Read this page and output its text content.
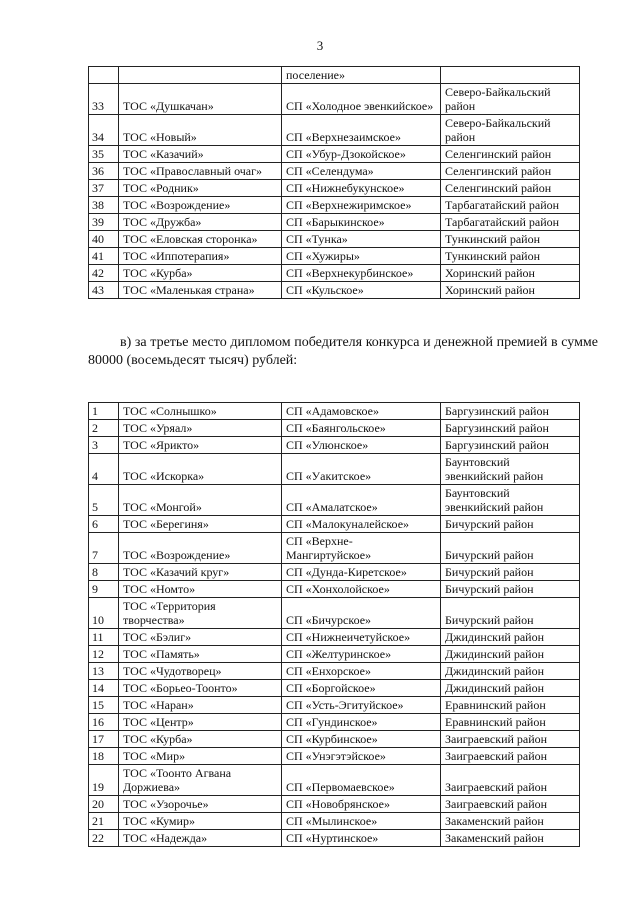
3
		поселение»	
33	ТОС «Душкачан»	СП «Холодное эвенкийское»	Северо-Байкальский район
34	ТОС «Новый»	СП «Верхнезаимское»	Северо-Байкальский район
35	ТОС «Казачий»	СП «Убур-Дзокойское»	Селенгинский район
36	ТОС «Православный очаг»	СП «Селендума»	Селенгинский район
37	ТОС «Родник»	СП «Нижнебукунское»	Селенгинский район
38	ТОС «Возрождение»	СП «Верхнежиримское»	Тарбагатайский район
39	ТОС «Дружба»	СП «Барыкинское»	Тарбагатайский район
40	ТОС «Еловская сторонка»	СП «Тунка»	Тункинский район
41	ТОС «Иппотерапия»	СП «Хужиры»	Тункинский район
42	ТОС «Курба»	СП «Верхнекурбинское»	Хоринский район
43	ТОС «Маленькая страна»	СП «Кульское»	Хоринский район
в) за третье место дипломом победителя конкурса и денежной премией в сумме 80000 (восемьдесят тысяч) рублей:
1	ТОС «Солнышко»	СП «Адамовское»	Баргузинский район
2	ТОС «Уряал»	СП «Баянгольское»	Баргузинский район
3	ТОС «Ярикто»	СП «Улюнское»	Баргузинский район
4	ТОС «Искорка»	СП «Уакитское»	Баунтовский эвенкийский район
5	ТОС «Монгой»	СП «Амалатское»	Баунтовский эвенкийский район
6	ТОС «Берегиня»	СП «Малокуналейское»	Бичурский район
7	ТОС «Возрождение»	СП «Верхне-Мангиртуйское»	Бичурский район
8	ТОС «Казачий круг»	СП «Дунда-Киретское»	Бичурский район
9	ТОС «Номто»	СП «Хонхолойское»	Бичурский район
10	ТОС «Территория творчества»	СП «Бичурское»	Бичурский район
11	ТОС «Бэлиг»	СП «Нижнеичетуйское»	Джидинский район
12	ТОС «Память»	СП «Желтуринское»	Джидинский район
13	ТОС «Чудотворец»	СП «Енхорское»	Джидинский район
14	ТОС «Борьео-Тоонто»	СП «Боргойское»	Джидинский район
15	ТОС «Наран»	СП «Усть-Эгитуйское»	Еравнинский район
16	ТОС «Центр»	СП «Гундинское»	Еравнинский район
17	ТОС «Курба»	СП «Курбинское»	Заиграевский район
18	ТОС «Мир»	СП «Унэгэтэйское»	Заиграевский район
19	ТОС «Тоонто Агвана Доржиева»	СП «Первомаевское»	Заиграевский район
20	ТОС «Узорочье»	СП «Новобрянское»	Заиграевский район
21	ТОС «Кумир»	СП «Мылинское»	Закаменский район
22	ТОС «Надежда»	СП «Нуртинское»	Закаменский район
